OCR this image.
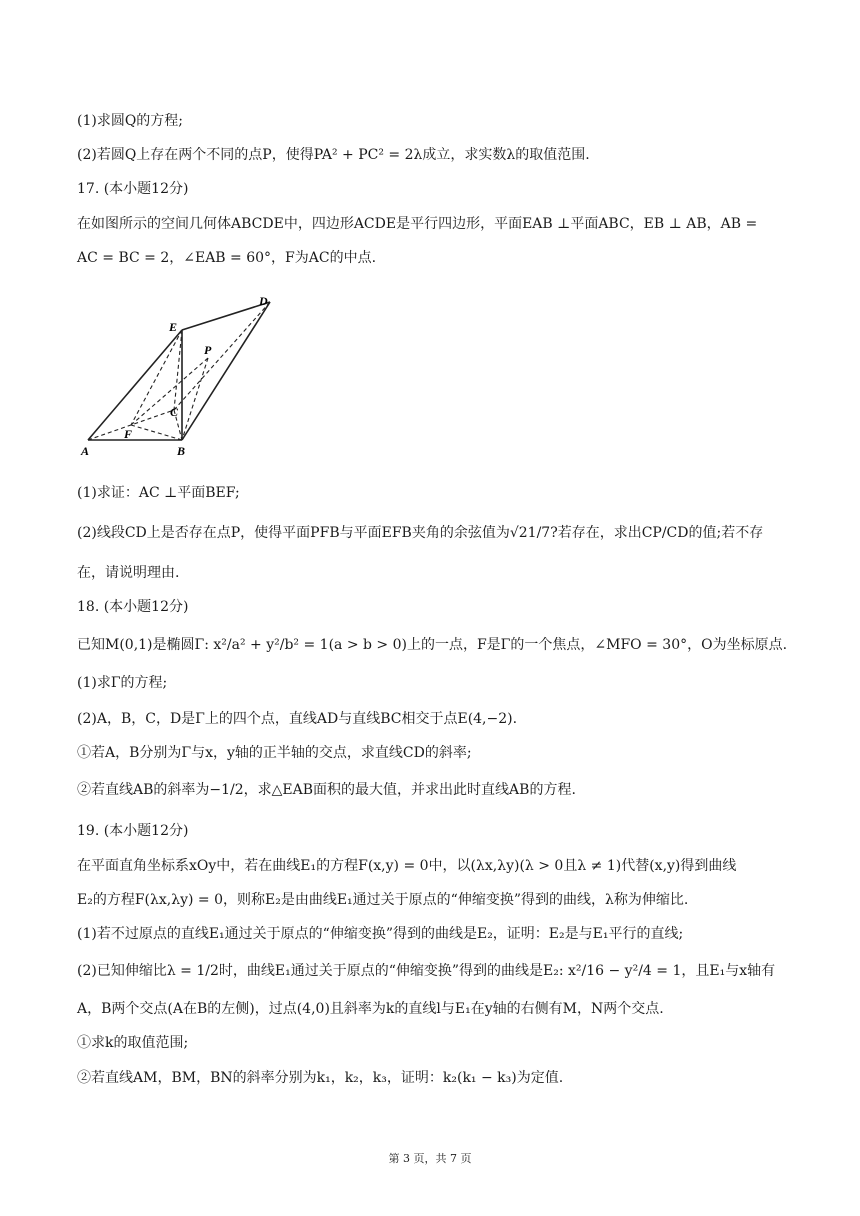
(1)求圆Q的方程;
(2)若圆Q上存在两个不同的点P，使得PA² + PC² = 2λ成立，求实数λ的取值范围.
17. (本小题12分)
在如图所示的空间几何体ABCDE中，四边形ACDE是平行四边形，平面EAB ⊥平面ABC，EB ⊥ AB，AB =
AC = BC = 2，∠EAB = 60°，F为AC的中点.
D
E
P
C
F
A	B
(1)求证：AC ⊥平面BEF;
(2)线段CD上是否存在点P，使得平面PFB与平面EFB夹角的余弦值为√21/7?若存在，求出CP/CD的值;若不存
在，请说明理由.
18. (本小题12分)
已知M(0,1)是椭圆Γ: x²/a² + y²/b² = 1(a > b > 0)上的一点，F是Γ的一个焦点，∠MFO = 30°，O为坐标原点.
(1)求Γ的方程;
(2)A，B，C，D是Γ上的四个点，直线AD与直线BC相交于点E(4,−2).
①若A，B分别为Γ与x，y轴的正半轴的交点，求直线CD的斜率;
②若直线AB的斜率为−1/2，求△EAB面积的最大值，并求出此时直线AB的方程.
19. (本小题12分)
在平面直角坐标系xOy中，若在曲线E₁的方程F(x,y) = 0中，以(λx,λy)(λ > 0且λ ≠ 1)代替(x,y)得到曲线
E₂的方程F(λx,λy) = 0，则称E₂是由曲线E₁通过关于原点的“伸缩变换”得到的曲线，λ称为伸缩比.
(1)若不过原点的直线E₁通过关于原点的“伸缩变换”得到的曲线是E₂，证明：E₂是与E₁平行的直线;
(2)已知伸缩比λ = 1/2时，曲线E₁通过关于原点的“伸缩变换”得到的曲线是E₂: x²/16 − y²/4 = 1，且E₁与x轴有
A，B两个交点(A在B的左侧)，过点(4,0)且斜率为k的直线l与E₁在y轴的右侧有M，N两个交点.
①求k的取值范围;
②若直线AM，BM，BN的斜率分别为k₁，k₂，k₃，证明：k₂(k₁ − k₃)为定值.
第 3 页，共 7 页
